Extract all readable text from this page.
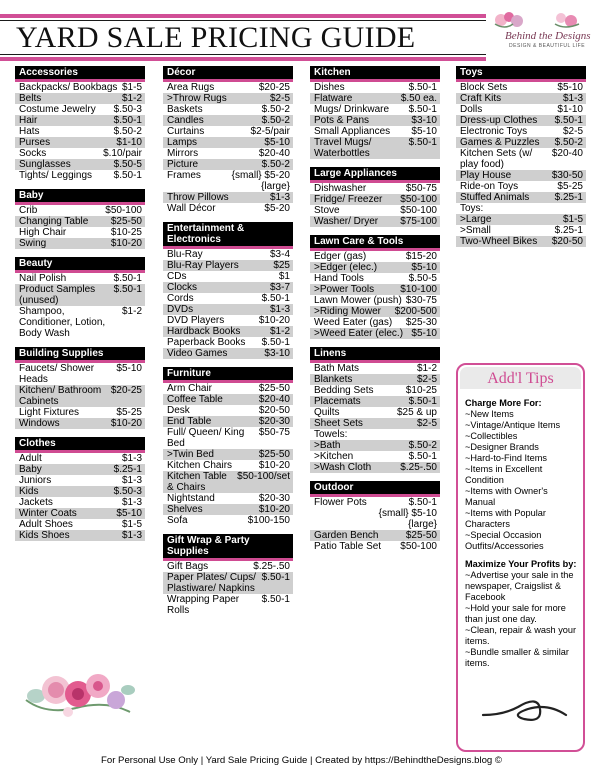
YARD SALE PRICING GUIDE	Behind the Designs
DESIGN & BEAUTIFUL LIFE
Accessories
Backpacks/ Bookbags $1-5
Belts	$1-2
Costume Jewelry	$.50-3
Hair	$.50-1
Hats	$.50-2
Purses	$1-10
Socks	$.10/pair
Sunglasses	$.50-5
Tights/ Leggings	$.50-1
Baby
Crib	$50-100
Changing Table	$25-50
High Chair	$10-25
Swing	$10-20
Beauty
Nail Polish	$.50-1
Product Samples (unused)
$.50-1
Shampoo, Conditioner, Lotion, Body Wash
$1-2
Building Supplies
Faucets/ Shower Heads
$5-10
Kitchen/ Bathroom Cabinets
$20-25
Light Fixtures	$5-25
Windows	$10-20
Clothes
Adult	$1-3
Baby	$.25-1
Juniors	$1-3
Kids	$.50-3
Jackets	$1-3
Winter Coats	$5-10
Adult Shoes	$1-5
Kids Shoes	$1-3
Décor
Area Rugs	$20-25
>Throw Rugs	$2-5
Baskets	$.50-2
Candles	$.50-2
Curtains	$2-5/pair
Lamps	$5-10
Mirrors	$20-40
Picture	$.50-2
Frames	{small} $5-20 {large}
Throw Pillows	$1-3
Wall Décor	$5-20
Entertainment & Electronics
Blu-Ray	$3-4
Blu-Ray Players	$25
CDs	$1
Clocks	$3-7
Cords	$.50-1
DVDs	$1-3
DVD Players	$10-20
Hardback Books	$1-2
Paperback Books	$.50-1
Video Games	$3-10
Furniture
Arm Chair	$25-50
Coffee Table	$20-40
Desk	$20-50
End Table	$20-30
Full/ Queen/ King Bed
$50-75
>Twin Bed	$25-50
Kitchen Chairs	$10-20
Kitchen Table & Chairs
$50-100/set
Nightstand	$20-30
Shelves	$10-20
Sofa	$100-150
Gift Wrap & Party Supplies
Gift Bags	$.25-.50
Paper Plates/ Cups/ Plastiware/ Napkins
$.50-1
Wrapping Paper Rolls
$.50-1
Kitchen
Dishes	$.50-1
Flatware	$.50 ea.
Mugs/ Drinkware	$.50-1
Pots & Pans	$3-10
Small Appliances	$5-10
Travel Mugs/ Waterbottles
$.50-1
Large Appliances
Dishwasher	$50-75
Fridge/ Freezer	$50-100
Stove	$50-100
Washer/ Dryer	$75-100
Lawn Care & Tools
Edger (gas)	$15-20
>Edger (elec.)	$5-10
Hand Tools	$.50-5
>Power Tools	$10-100
Lawn Mower (push) $30-75
>Riding Mower	$200-500
Weed Eater (gas)	$25-30
>Weed Eater (elec.) $5-10
Linens
Bath Mats	$1-2
Blankets	$2-5
Bedding Sets	$10-25
Placemats	$.50-1
Quilts	$25 & up
Sheet Sets	$2-5
Towels:
>Bath	$.50-2
>Kitchen	$.50-1
>Wash Cloth	$.25-.50
Outdoor
Flower Pots	$.50-1 {small} $5-10 {large}
Garden Bench	$25-50
Patio Table Set	$50-100
Toys
Block Sets	$5-10
Craft Kits	$1-3
Dolls	$1-10
Dress-up Clothes	$.50-1
Electronic Toys	$2-5
Games & Puzzles	$.50-2
Kitchen Sets (w/ play food)
$20-40
Play House	$30-50
Ride-on Toys	$5-25
Stuffed Animals	$.25-1
Toys:
>Large	$1-5
>Small	$.25-1
Two-Wheel Bikes	$20-50
Add'l Tips
Charge More For:
~New Items
~Vintage/Antique Items
~Collectibles
~Designer Brands
~Hard-to-Find Items
~Items in Excellent Condition
~Items with Owner's Manual
~Items with Popular Characters
~Special Occasion Outfits/Accessories
Maximize Your Profits by:
~Advertise your sale in the newspaper, Craigslist & Facebook
~Hold your sale for more than just one day.
~Clean, repair & wash your items.
~Bundle smaller & similar items.
For Personal Use Only | Yard Sale Pricing Guide | Created by https://BehindtheDesigns.blog ©
